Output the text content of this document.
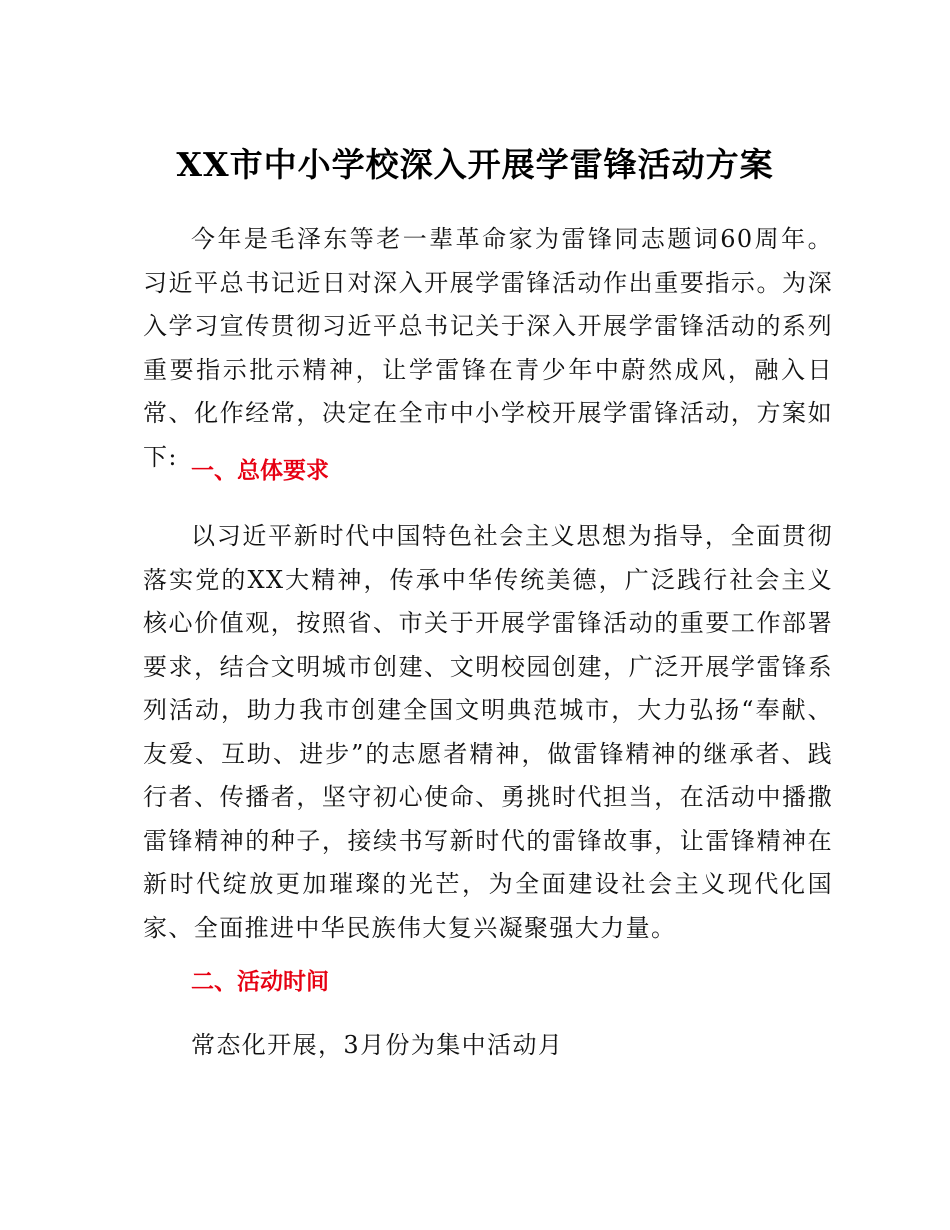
XX市中小学校深入开展学雷锋活动方案

今年是毛泽东等老一辈革命家为雷锋同志题词60周年。习近平总书记近日对深入开展学雷锋活动作出重要指示。为深入学习宣传贯彻习近平总书记关于深入开展学雷锋活动的系列重要指示批示精神，让学雷锋在青少年中蔚然成风，融入日常、化作经常，决定在全市中小学校开展学雷锋活动，方案如下:

一、总体要求

以习近平新时代中国特色社会主义思想为指导，全面贯彻落实党的XX大精神，传承中华传统美德，广泛践行社会主义核心价值观，按照省、市关于开展学雷锋活动的重要工作部署要求，结合文明城市创建、文明校园创建，广泛开展学雷锋系列活动，助力我市创建全国文明典范城市，大力弘扬“奉献、友爱、互助、进步”的志愿者精神，做雷锋精神的继承者、践行者、传播者，坚守初心使命、勇挑时代担当，在活动中播撒雷锋精神的种子，接续书写新时代的雷锋故事，让雷锋精神在新时代绽放更加璀璨的光芒，为全面建设社会主义现代化国家、全面推进中华民族伟大复兴凝聚强大力量。

二、活动时间

常态化开展，3月份为集中活动月
